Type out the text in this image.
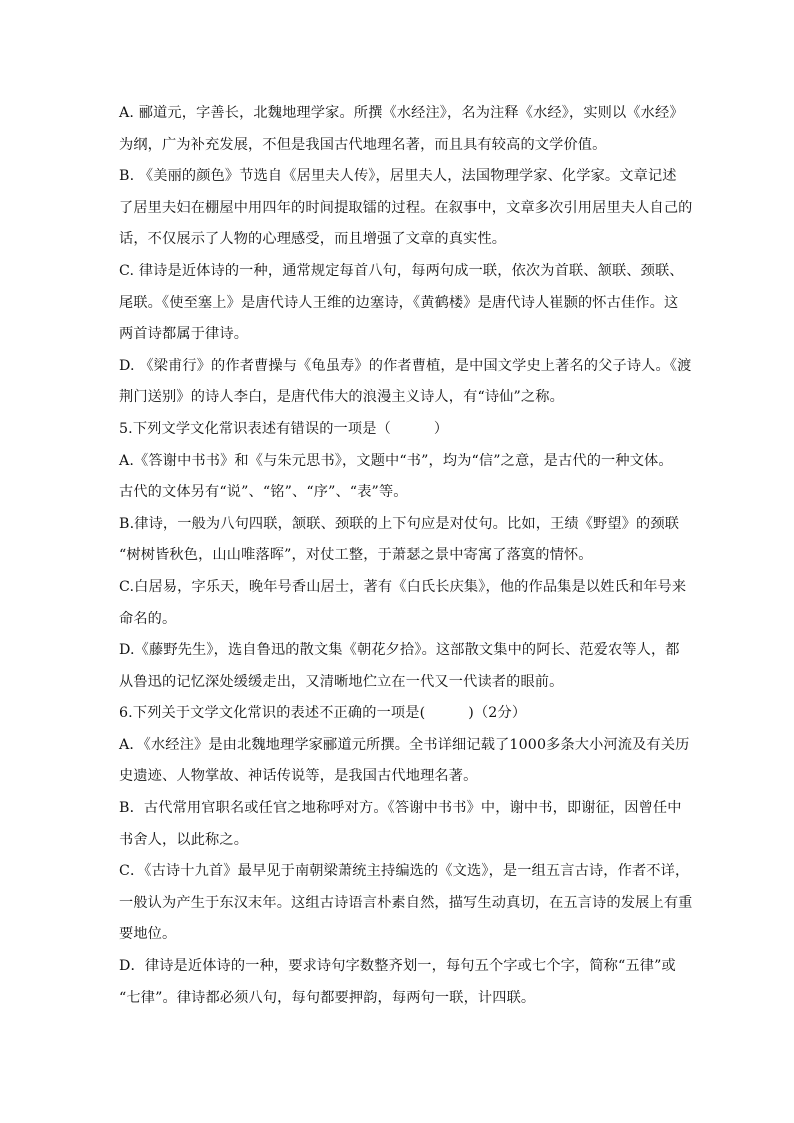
A. 郦道元，字善长，北魏地理学家。所撰《水经注》，名为注释《水经》，实则以《水经》
为纲，广为补充发展，不但是我国古代地理名著，而且具有较高的文学价值。
B. 《美丽的颜色》节选自《居里夫人传》，居里夫人，法国物理学家、化学家。文章记述
了居里夫妇在棚屋中用四年的时间提取镭的过程。在叙事中，文章多次引用居里夫人自己的
话，不仅展示了人物的心理感受，而且增强了文章的真实性。
C. 律诗是近体诗的一种，通常规定每首八句，每两句成一联，依次为首联、颔联、颈联、
尾联。《使至塞上》是唐代诗人王维的边塞诗，《黄鹤楼》是唐代诗人崔颢的怀古佳作。这
两首诗都属于律诗。
D. 《梁甫行》的作者曹操与《龟虽寿》的作者曹植，是中国文学史上著名的父子诗人。《渡
荆门送别》的诗人李白，是唐代伟大的浪漫主义诗人，有“诗仙”之称。
5.下列文学文化常识表述有错误的一项是（　　　）
A.《答谢中书书》和《与朱元思书》，文题中“书”，均为“信”之意，是古代的一种文体。
古代的文体另有“说”、“铭”、“序”、“表”等。
B.律诗，一般为八句四联，颔联、颈联的上下句应是对仗句。比如，王绩《野望》的颈联
“树树皆秋色，山山唯落晖”，对仗工整，于萧瑟之景中寄寓了落寞的情怀。
C.白居易，字乐天，晚年号香山居士，著有《白氏长庆集》，他的作品集是以姓氏和年号来
命名的。
D.《藤野先生》，选自鲁迅的散文集《朝花夕拾》。这部散文集中的阿长、范爱农等人，都
从鲁迅的记忆深处缓缓走出，又清晰地伫立在一代又一代读者的眼前。
6.下列关于文学文化常识的表述不正确的一项是(　　　)（2分）
A．《水经注》是由北魏地理学家郦道元所撰。全书详细记载了1000多条大小河流及有关历
史遗迹、人物掌故、神话传说等，是我国古代地理名著。
B．古代常用官职名或任官之地称呼对方。《答谢中书书》中，谢中书，即谢征，因曾任中
书舍人，以此称之。
C．《古诗十九首》最早见于南朝梁萧统主持编选的《文选》，是一组五言古诗，作者不详，
一般认为产生于东汉末年。这组古诗语言朴素自然，描写生动真切，在五言诗的发展上有重
要地位。
D．律诗是近体诗的一种，要求诗句字数整齐划一，每句五个字或七个字，简称“五律”或
“七律”。律诗都必须八句，每句都要押韵，每两句一联，计四联。
